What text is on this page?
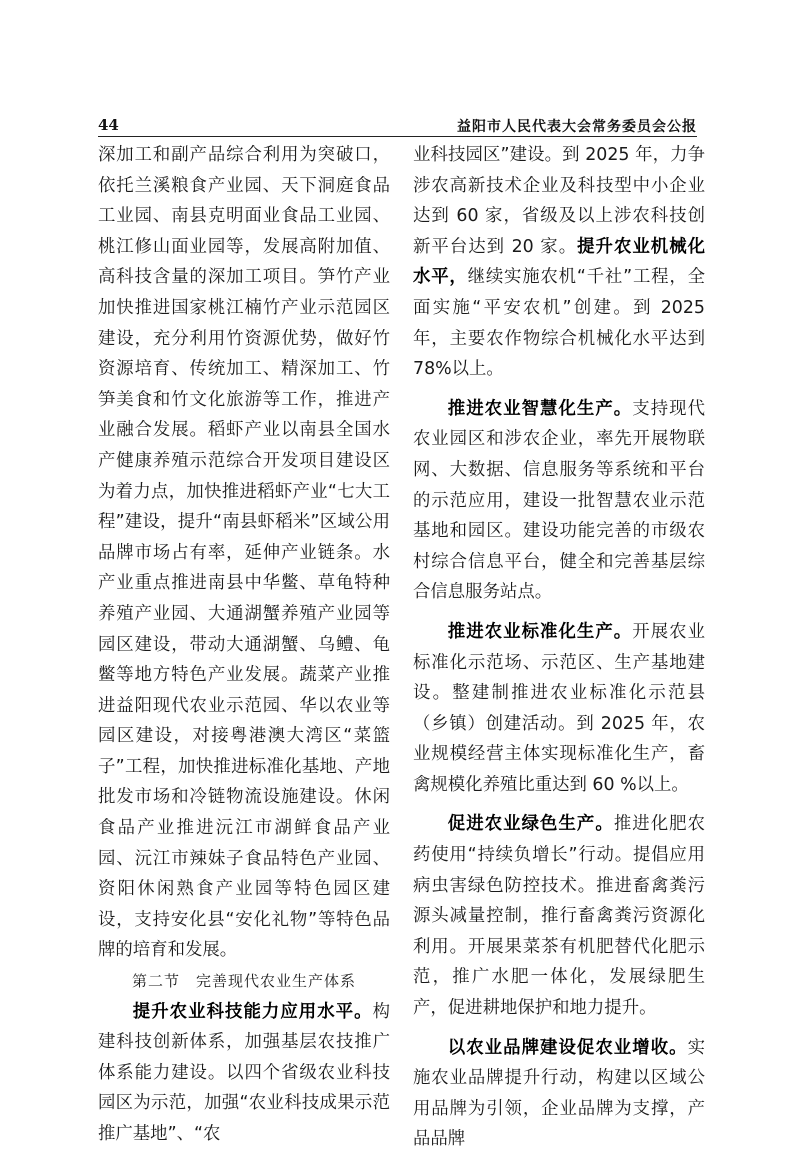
44	益阳市人民代表大会常务委员会公报

深加工和副产品综合利用为突破口，依托兰溪粮食产业园、天下洞庭食品工业园、南县克明面业食品工业园、桃江修山面业园等，发展高附加值、高科技含量的深加工项目。笋竹产业加快推进国家桃江楠竹产业示范园区建设，充分利用竹资源优势，做好竹资源培育、传统加工、精深加工、竹笋美食和竹文化旅游等工作，推进产业融合发展。稻虾产业以南县全国水产健康养殖示范综合开发项目建设区为着力点，加快推进稻虾产业“七大工程”建设，提升“南县虾稻米”区域公用品牌市场占有率，延伸产业链条。水产业重点推进南县中华鳖、草龟特种养殖产业园、大通湖蟹养殖产业园等园区建设，带动大通湖蟹、乌鳢、龟鳖等地方特色产业发展。蔬菜产业推进益阳现代农业示范园、华以农业等园区建设，对接粤港澳大湾区“菜篮子”工程，加快推进标准化基地、产地批发市场和冷链物流设施建设。休闲食品产业推进沅江市湖鲜食品产业园、沅江市辣妹子食品特色产业园、资阳休闲熟食产业园等特色园区建设，支持安化县“安化礼物”等特色品牌的培育和发展。

第二节　完善现代农业生产体系

提升农业科技能力应用水平。构建科技创新体系，加强基层农技推广体系能力建设。以四个省级农业科技园区为示范，加强“农业科技成果示范推广基地”、“农

业科技园区”建设。到 2025 年，力争涉农高新技术企业及科技型中小企业达到 60 家，省级及以上涉农科技创新平台达到 20 家。提升农业机械化水平，继续实施农机“千社”工程，全面实施“平安农机”创建。到 2025 年，主要农作物综合机械化水平达到 78%以上。

推进农业智慧化生产。支持现代农业园区和涉农企业，率先开展物联网、大数据、信息服务等系统和平台的示范应用，建设一批智慧农业示范基地和园区。建设功能完善的市级农村综合信息平台，健全和完善基层综合信息服务站点。

推进农业标准化生产。开展农业标准化示范场、示范区、生产基地建设。整建制推进农业标准化示范县（乡镇）创建活动。到 2025 年，农业规模经营主体实现标准化生产，畜禽规模化养殖比重达到 60 %以上。

促进农业绿色生产。推进化肥农药使用“持续负增长”行动。提倡应用病虫害绿色防控技术。推进畜禽粪污源头减量控制，推行畜禽粪污资源化利用。开展果菜茶有机肥替代化肥示范，推广水肥一体化，发展绿肥生产，促进耕地保护和地力提升。

以农业品牌建设促农业增收。实施农业品牌提升行动，构建以区域公用品牌为引领，企业品牌为支撑，产品品牌
